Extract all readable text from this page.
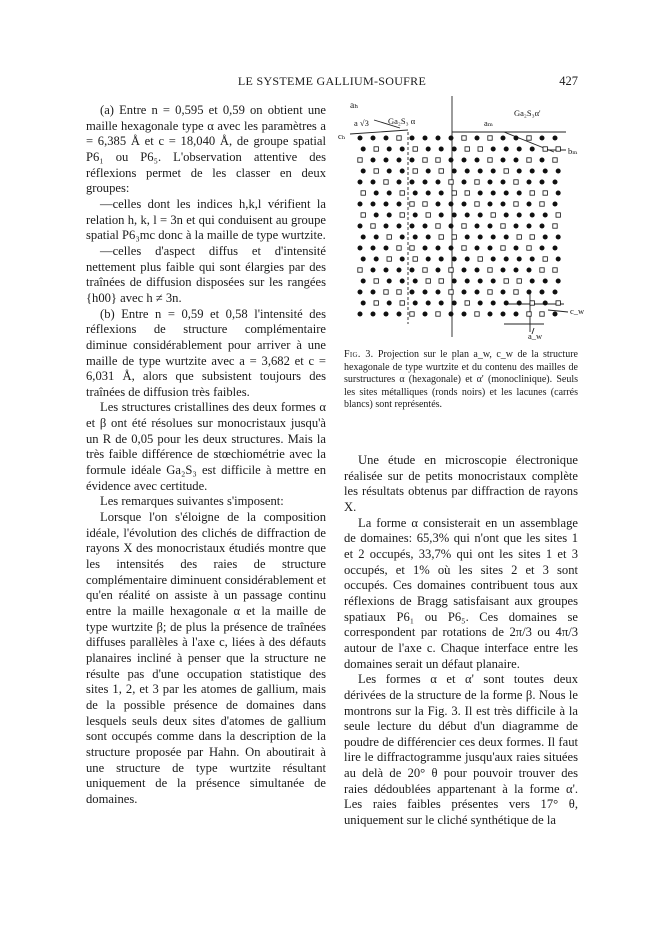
LE SYSTEME GALLIUM-SOUFRE	427

(a) Entre n = 0,595 et 0,59 on obtient une maille hexagonale type α avec les paramètres a = 6,385 Å et c = 18,040 Å, de groupe spatial P6₁ ou P6₅. L'observation attentive des réflexions permet de les classer en deux groupes:

—celles dont les indices h,k,l vérifient la relation h, k, l = 3n et qui conduisent au groupe spatial P6₃mc donc à la maille de type wurtzite.

—celles d'aspect diffus et d'intensité nettement plus faible qui sont élargies par des traînées de diffusion disposées sur les rangées {h00} avec h ≠ 3n.

(b) Entre n = 0,59 et 0,58 l'intensité des réflexions de structure complémentaire diminue considérablement pour arriver à une maille de type wurtzite avec a = 3,682 et c = 6,031 Å, alors que subsistent toujours des traînées de diffusion très faibles.

Les structures cristallines des deux formes α et β ont été résolues sur monocristaux jusqu'à un R de 0,05 pour les deux structures. Mais la très faible différence de stœchiométrie avec la formule idéale Ga₂S₃ est difficile à mettre en évidence avec certitude.

Les remarques suivantes s'imposent:

Lorsque l'on s'éloigne de la composition idéale, l'évolution des clichés de diffraction de rayons X des monocristaux étudiés montre que les intensités des raies de structure complémentaire diminuent considérablement et qu'en réalité on assiste à un passage continu entre la maille hexagonale α et la maille de type wurtzite β; de plus la présence de traînées diffuses parallèles à l'axe c, liées à des défauts planaires incliné à penser que la structure ne résulte pas d'une occupation statistique des sites 1, 2, et 3 par les atomes de gallium, mais de la possible présence de domaines dans lesquels seuls deux sites d'atomes de gallium sont occupés comme dans la description de la structure proposée par Hahn. On aboutirait à une structure de type wurtzite résultant uniquement de la présence simultanée de domaines.

aₕ
a √3 Ga₂S₃ α	aₘ
Ga₂S₃α'
cₕ
bₘ
c_w
a_w
Fig. 3. Projection sur le plan a_w, c_w de la structure hexagonale de type wurtzite et du contenu des mailles de surstructures α (hexagonale) et α' (monoclinique). Seuls les sites métalliques (ronds noirs) et les lacunes (carrés blancs) sont représentés.

Une étude en microscopie électronique réalisée sur de petits monocristaux complète les résultats obtenus par diffraction de rayons X.

La forme α consisterait en un assemblage de domaines: 65,3% qui n'ont que les sites 1 et 2 occupés, 33,7% qui ont les sites 1 et 3 occupés, et 1% où les sites 2 et 3 sont occupés. Ces domaines contribuent tous aux réflexions de Bragg satisfaisant aux groupes spatiaux P6₁ ou P6₅. Ces domaines se correspondent par rotations de 2π/3 ou 4π/3 autour de l'axe c. Chaque interface entre les domaines serait un défaut planaire.

Les formes α et α' sont toutes deux dérivées de la structure de la forme β. Nous le montrons sur la Fig. 3. Il est très difficile à la seule lecture du début d'un diagramme de poudre de différencier ces deux formes. Il faut lire le diffractogramme jusqu'aux raies situées au delà de 20° θ pour pouvoir trouver des raies dédoublées appartenant à la forme α'. Les raies faibles présentes vers 17° θ, uniquement sur le cliché synthétique de la
